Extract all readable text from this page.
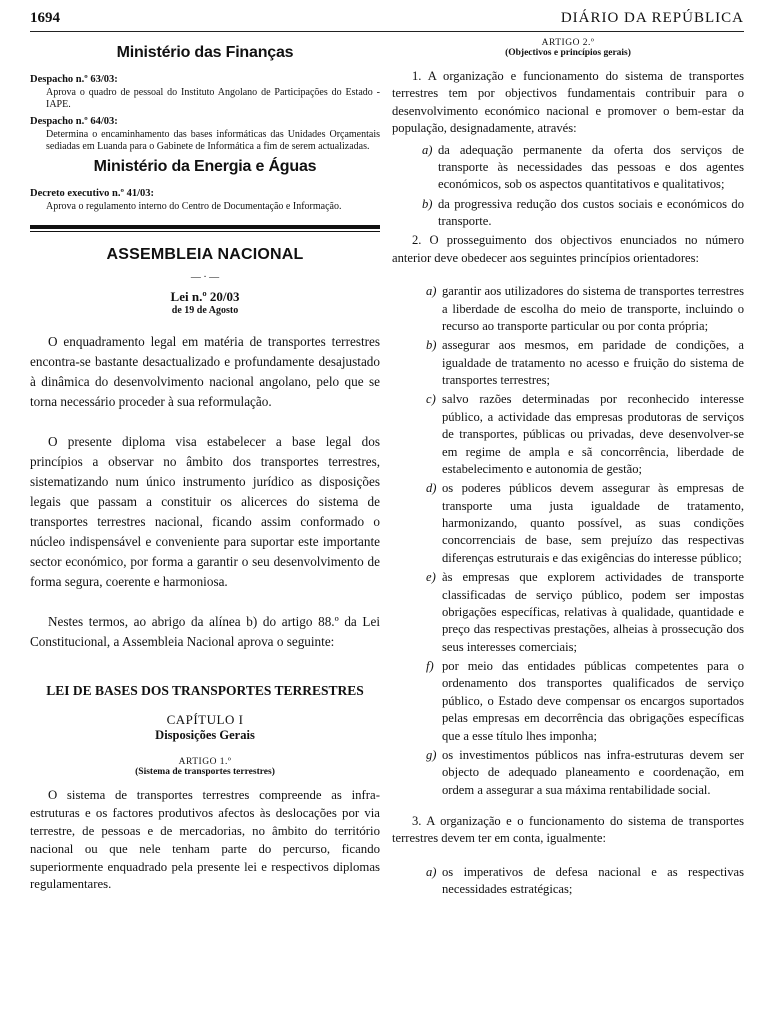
1694	DIÁRIO DA REPÚBLICA
Ministério das Finanças
Despacho n.º 63/03:
Aprova o quadro de pessoal do Instituto Angolano de Participações do Estado - IAPE.
Despacho n.º 64/03:
Determina o encaminhamento das bases informáticas das Unidades Orçamentais sediadas em Luanda para o Gabinete de Informática a fim de serem actualizadas.
Ministério da Energia e Águas
Decreto executivo n.º 41/03:
Aprova o regulamento interno do Centro de Documentação e Informação.
ASSEMBLEIA NACIONAL
— · —
Lei n.º 20/03
de 19 de Agosto

O enquadramento legal em matéria de transportes terrestres encontra-se bastante desactualizado e profundamente desajustado à dinâmica do desenvolvimento nacional angolano, pelo que se torna necessário proceder à sua reformulação.

O presente diploma visa estabelecer a base legal dos princípios a observar no âmbito dos transportes terrestres, sistematizando num único instrumento jurídico as disposições legais que passam a constituir os alicerces do sistema de transportes terrestres nacional, ficando assim conformado o núcleo indispensável e conveniente para suportar este importante sector económico, por forma a garantir o seu desenvolvimento de forma segura, coerente e harmoniosa.

Nestes termos, ao abrigo da alínea b) do artigo 88.º da Lei Constitucional, a Assembleia Nacional aprova o seguinte:

LEI DE BASES DOS TRANSPORTES TERRESTRES
CAPÍTULO I
Disposições Gerais
ARTIGO 1.º
(Sistema de transportes terrestres)

O sistema de transportes terrestres compreende as infra-estruturas e os factores produtivos afectos às deslocações por via terrestre, de pessoas e de mercadorias, no âmbito do território nacional ou que nele tenham parte do percurso, ficando superiormente enquadrado pela presente lei e respectivos diplomas regulamentares.

ARTIGO 2.º
(Objectivos e princípios gerais)

1. A organização e funcionamento do sistema de transportes terrestres tem por objectivos fundamentais contribuir para o desenvolvimento económico nacional e promover o bem-estar da população, designadamente, através:

a) da adequação permanente da oferta dos serviços de transporte às necessidades das pessoas e dos agentes económicos, sob os aspectos quantitativos e qualitativos;
b) da progressiva redução dos custos sociais e económicos do transporte.

2. O prosseguimento dos objectivos enunciados no número anterior deve obedecer aos seguintes princípios orientadores:

a) garantir aos utilizadores do sistema de transportes terrestres a liberdade de escolha do meio de transporte, incluindo o recurso ao transporte particular ou por conta própria;
b) assegurar aos mesmos, em paridade de condições, a igualdade de tratamento no acesso e fruição do sistema de transportes terrestres;
c) salvo razões determinadas por reconhecido interesse público, a actividade das empresas produtoras de serviços de transportes, públicas ou privadas, deve desenvolver-se em regime de ampla e sã concorrência, liberdade de estabelecimento e autonomia de gestão;
d) os poderes públicos devem assegurar às empresas de transporte uma justa igualdade de tratamento, harmonizando, quanto possível, as suas condições concorrenciais de base, sem prejuízo das respectivas diferenças estruturais e das exigências do interesse público;
e) às empresas que explorem actividades de transporte classificadas de serviço público, podem ser impostas obrigações específicas, relativas à qualidade, quantidade e preço das respectivas prestações, alheias à prossecução dos seus interesses comerciais;
f) por meio das entidades públicas competentes para o ordenamento dos transportes qualificados de serviço público, o Estado deve compensar os encargos suportados pelas empresas em decorrência das obrigações específicas que a esse título lhes imponha;
g) os investimentos públicos nas infra-estruturas devem ser objecto de adequado planeamento e coordenação, em ordem a assegurar a sua máxima rentabilidade social.

3. A organização e o funcionamento do sistema de transportes terrestres devem ter em conta, igualmente:

a) os imperativos de defesa nacional e as respectivas necessidades estratégicas;
